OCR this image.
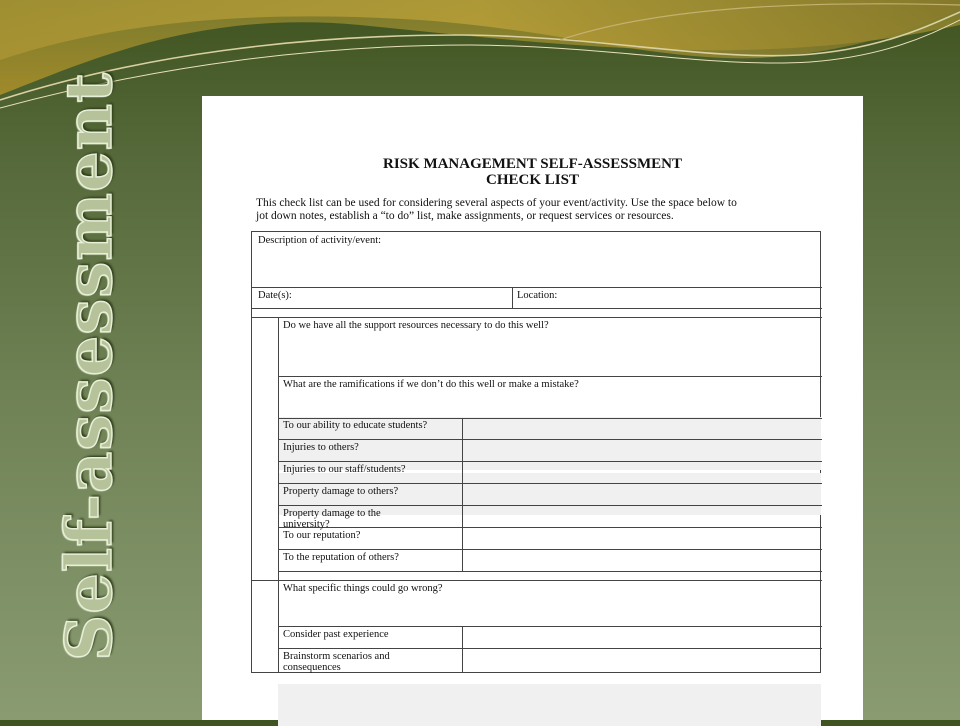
Self-assessment	RISK MANAGEMENT SELF-ASSESSMENT
CHECK LIST
This check list can be used for considering several aspects of your event/activity. Use the space below to
jot down notes, establish a “to do” list, make assignments, or request services or resources.
Description of activity/event:
Date(s):	Location:
Do we have all the support resources necessary to do this well?
What are the ramifications if we don’t do this well or make a mistake?
To our ability to educate students?
Injuries to others?
Injuries to our staff/students?
Property damage to others?
Property damage to the university?
To our reputation?
To the reputation of others?
What specific things could go wrong?
Consider past experience
Brainstorm scenarios and consequences
